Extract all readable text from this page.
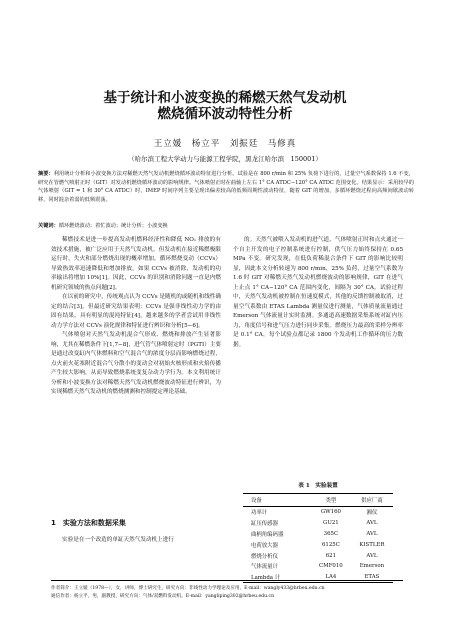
基于统计和小波变换的稀燃天然气发动机
燃烧循环波动特性分析
王立媛　杨立平　刘振廷　马修真
（哈尔滨工程大学动力与能源工程学院，黑龙江哈尔滨　150001）
摘要：利用统计分析和小波变换方法对稀燃天然气发动机燃烧循环波动特征进行分析。试验是在 800 r/min 和 25% 负荷下进行的，过量空气系数保持 1.6 不变，研究在管燃气喷射正时（GIT）对发动机燃烧循环波动的影响规律。气体喷射正时在曲轴上左右 1° CA ATDC−120° CA ATDC 范围变化。结果显示：采用较早的气体喷射（GIT = 1 和 30° CA ATDC）时，IMEP 时间序列主要呈现出偏差较高的低频周期性波动特征，随着 GIT 的增加，多循环燃烧过程向高频间歇波动转移，同时混杂着弱的低频震荡。
关键词：循环燃烧波动；着忙波动；统计分析；小波变换

稀燃技术是进一步提高发动机燃料经济性和降低 NOₓ 排放的有效技术措施，被广泛应用于天然气发动机。但发动机在接近稀燃极限运行时，失火和部分燃烧出现的概率增加，循环燃烧变动（CCVs）导致热效率迅速降低和增加排放。如果 CCVs 被消除，发动机的功率输出将增加 10%[1]。因此，CCVs 的识别和消除问题一直是内燃机研究领域的热点问题[2]。

在以前的研究中，传统观点认为 CCVs 是随机的或随机和线性确定的结合[3]。但最近研究结果表明：CCVs 是强非线性动力学的由固有结果，具有明显的混沌特征[4]，越来越多的学者尝试用非线性动力学方法对 CCVs 演化规律和特征进行辨识和分析[5−6]。

气体喷射对天然气发动机混合气形成、燃烧和排放产生显著影响，尤其在稀燃条件下[1,7−8]，进气管气体喷射定时（PGTI）主要是通过改变缸内气体燃料和空气混合气的浓度分层而影响燃烧过程，点火前火花塞附近混合气分散小的变动会对初始火核形成和火焰传播产生较大影响，从而导致燃烧系统变复杂动力学行为。本文利用统计分析和小波变换方法对稀燃天然气发动机燃烧波动特征进行辨识，为实现稀燃天然气发动机的燃烧测测和控制提定理论基础。

1　实验方法和数据采集
实验是在一个改造的单缸天然气发动机上进行

的。天然气被喂入发动机的进气道，气体喷射正时和点火通过一个自主开发的电子控制系统进行控制，供气压力始终保持在 0.65 MPa 不变。研究发现，在低负荷稀混合条件下 GIT 的影响比较明显，因此本文分析转速为 800 r/min，25% 负荷，过量空气系数为 1.6 时 GIT 对稀燃天然气发动机燃烧波动的影响规律，GIT 在进气上止点 1° CA−120° CA 范围内变化，间隔为 30° CA。试验过程中，天然气发动机被控制在恒速度模式，其他的反馈控制被取消，过量空气系数由 ETAS Lambda 测量仪进行测量，气体质量流量通过 Emerson 气体流量计实时监测。多通道高速数据采集系统对缸内压力，角度信号和进气压力进行同步采集。燃烧压力最高的采样分辨率是 0.1° CA，每个试验点都记录 1800 个发动机工作循环的压力数据。

表 1　实验装置
设备	类型	供应厂商
功率计	GW160	湘仪
缸压传感器	GU21	AVL
曲柄角编码器	365C	AVL
电荷放大器	6125C	KISTLER
燃烧分析仪	621	AVL
气体流量计	CMF010	Emerson
Lambda 计	LA4	ETAS
作者简介：王立媛（1978—），女，讲师，博士研究生，研究方向：非线性动力学理论及应用，E-mail：wangly433@hrbeu.edu.cn
通信作者：杨立平，男，副教授，研究方向：气体/双燃料发动机。E-mail：yangliping302@hrbeu.edu.cn
